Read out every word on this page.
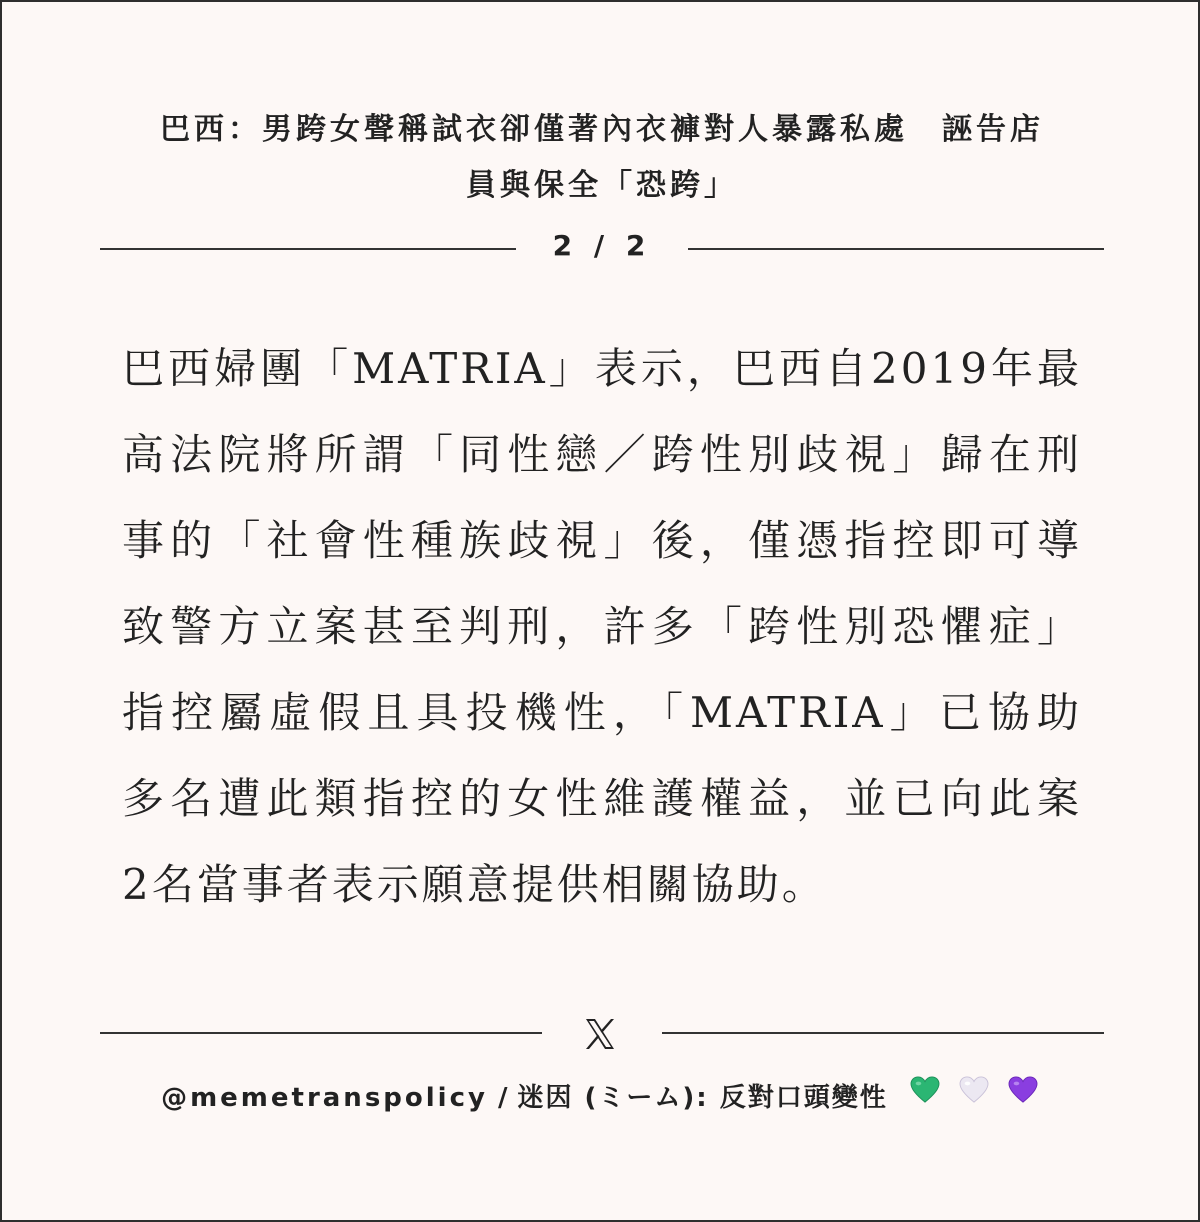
巴西：男跨女聲稱試衣卻僅著內衣褲對人暴露私處　誣告店
員與保全「恐跨」
2 / 2
巴西婦團「MATRIA」表示，巴西自2019年最
高法院將所謂「同性戀／跨性別歧視」歸在刑
事的「社會性種族歧視」後，僅憑指控即可導
致警方立案甚至判刑，許多「跨性別恐懼症」
指控屬虛假且具投機性，「MATRIA」已協助
多名遭此類指控的女性維護權益，並已向此案
2名當事者表示願意提供相關協助。
@memetranspolicy / 迷因 (ミーム): 反對口頭變性
